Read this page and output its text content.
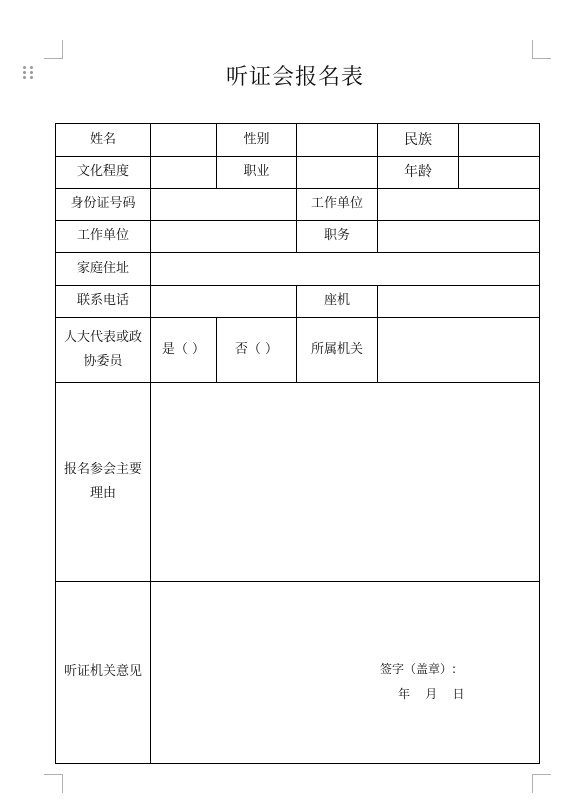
听证会报名表
姓名		性别		民族	
文化程度		职业		年龄	
身份证号码			工作单位		
工作单位			职务		
家庭住址					
联系电话			座机		
人大代表或政协委员	是（ ）	否（ ）	所属机关		

报名参会主要
理由					

听证机关意见	签字（盖章）:
年    月    日				
